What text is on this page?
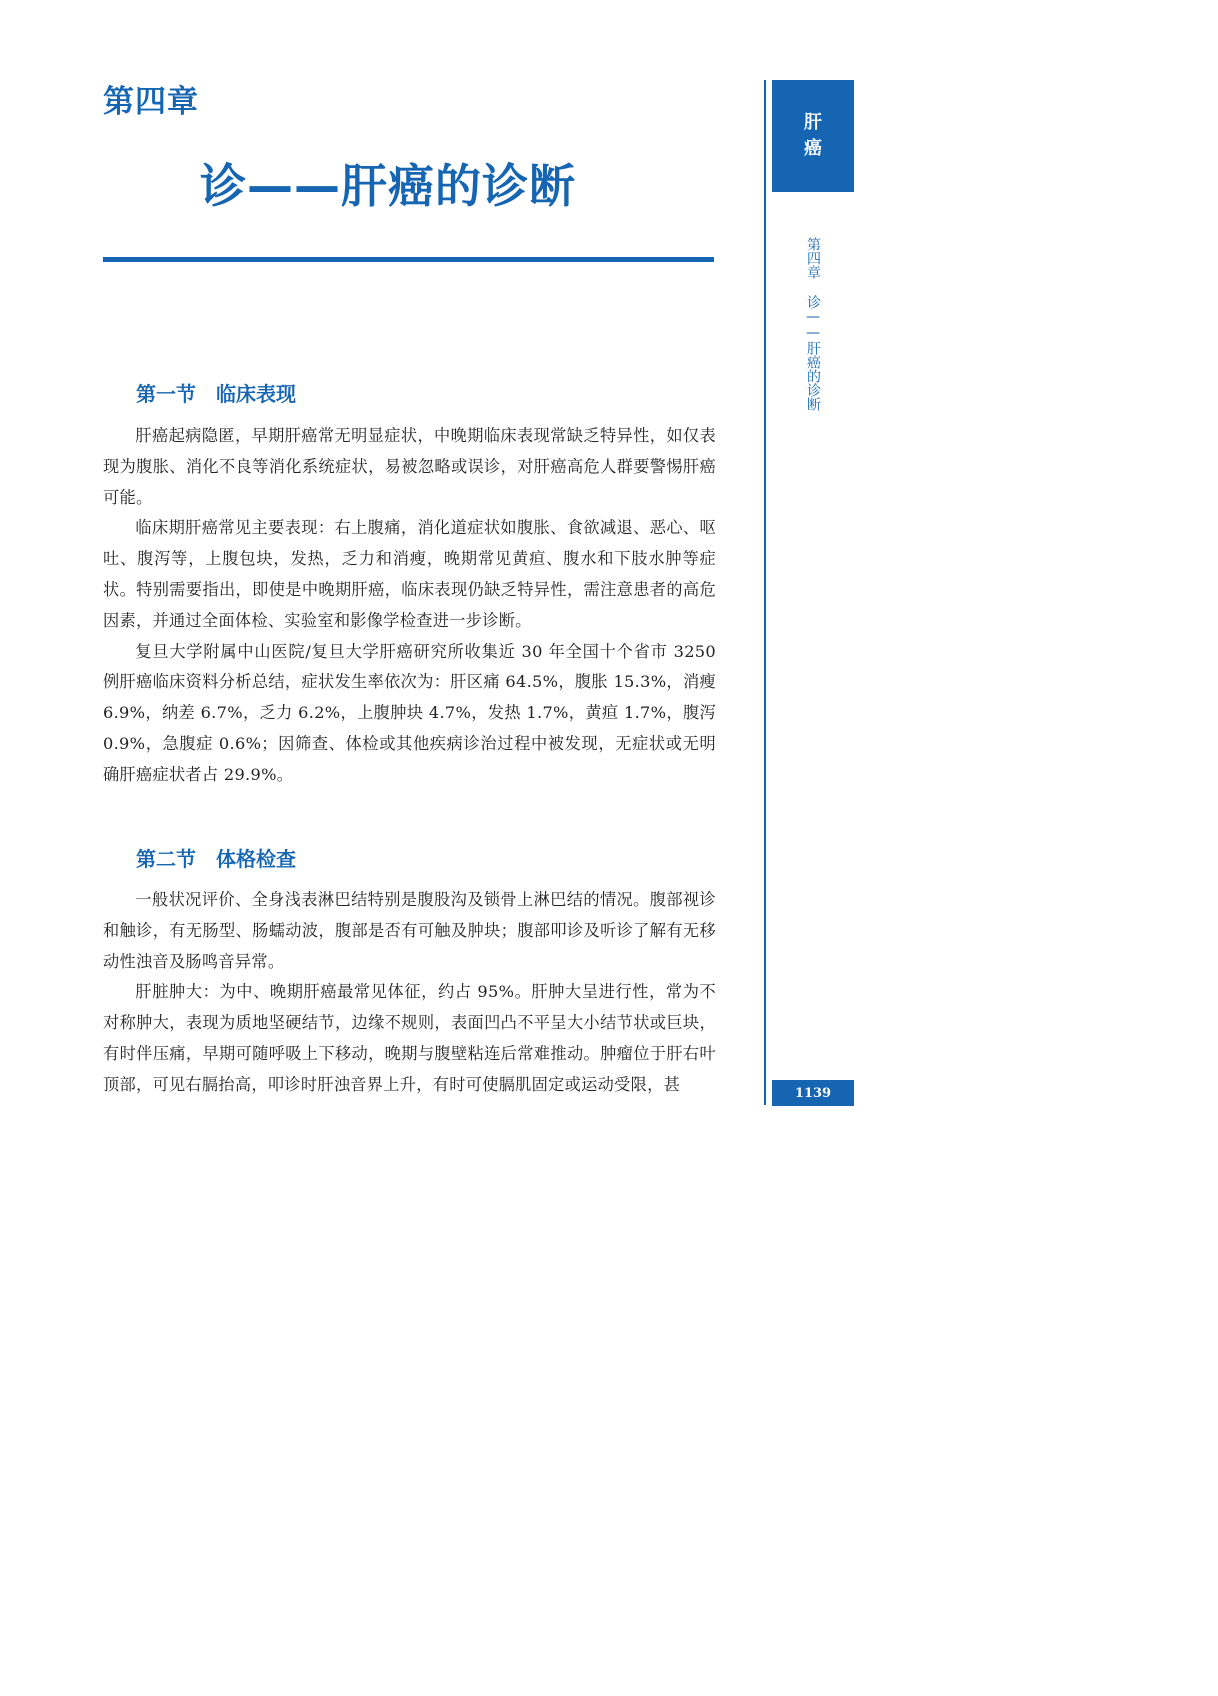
第四章
诊——肝癌的诊断
第一节　临床表现

肝癌起病隐匿，早期肝癌常无明显症状，中晚期临床表现常缺乏特异性，如仅表现为腹胀、消化不良等消化系统症状，易被忽略或误诊，对肝癌高危人群要警惕肝癌可能。

临床期肝癌常见主要表现：右上腹痛，消化道症状如腹胀、食欲减退、恶心、呕吐、腹泻等，上腹包块，发热，乏力和消瘦，晚期常见黄疸、腹水和下肢水肿等症状。特别需要指出，即使是中晚期肝癌，临床表现仍缺乏特异性，需注意患者的高危因素，并通过全面体检、实验室和影像学检查进一步诊断。

复旦大学附属中山医院/复旦大学肝癌研究所收集近 30 年全国十个省市 3250 例肝癌临床资料分析总结，症状发生率依次为：肝区痛 64.5%，腹胀 15.3%，消瘦 6.9%，纳差 6.7%，乏力 6.2%，上腹肿块 4.7%，发热 1.7%，黄疸 1.7%，腹泻 0.9%，急腹症 0.6%；因筛查、体检或其他疾病诊治过程中被发现，无症状或无明确肝癌症状者占 29.9%。

第二节　体格检查

一般状况评价、全身浅表淋巴结特别是腹股沟及锁骨上淋巴结的情况。腹部视诊和触诊，有无肠型、肠蠕动波，腹部是否有可触及肿块；腹部叩诊及听诊了解有无移动性浊音及肠鸣音异常。

肝脏肿大：为中、晚期肝癌最常见体征，约占 95%。肝肿大呈进行性，常为不对称肿大，表现为质地坚硬结节，边缘不规则，表面凹凸不平呈大小结节状或巨块，有时伴压痛，早期可随呼吸上下移动，晚期与腹壁粘连后常难推动。肿瘤位于肝右叶顶部，可见右膈抬高，叩诊时肝浊音界上升，有时可使膈肌固定或运动受限，甚

肝
癌
第四章 诊——肝癌的诊断
1139
